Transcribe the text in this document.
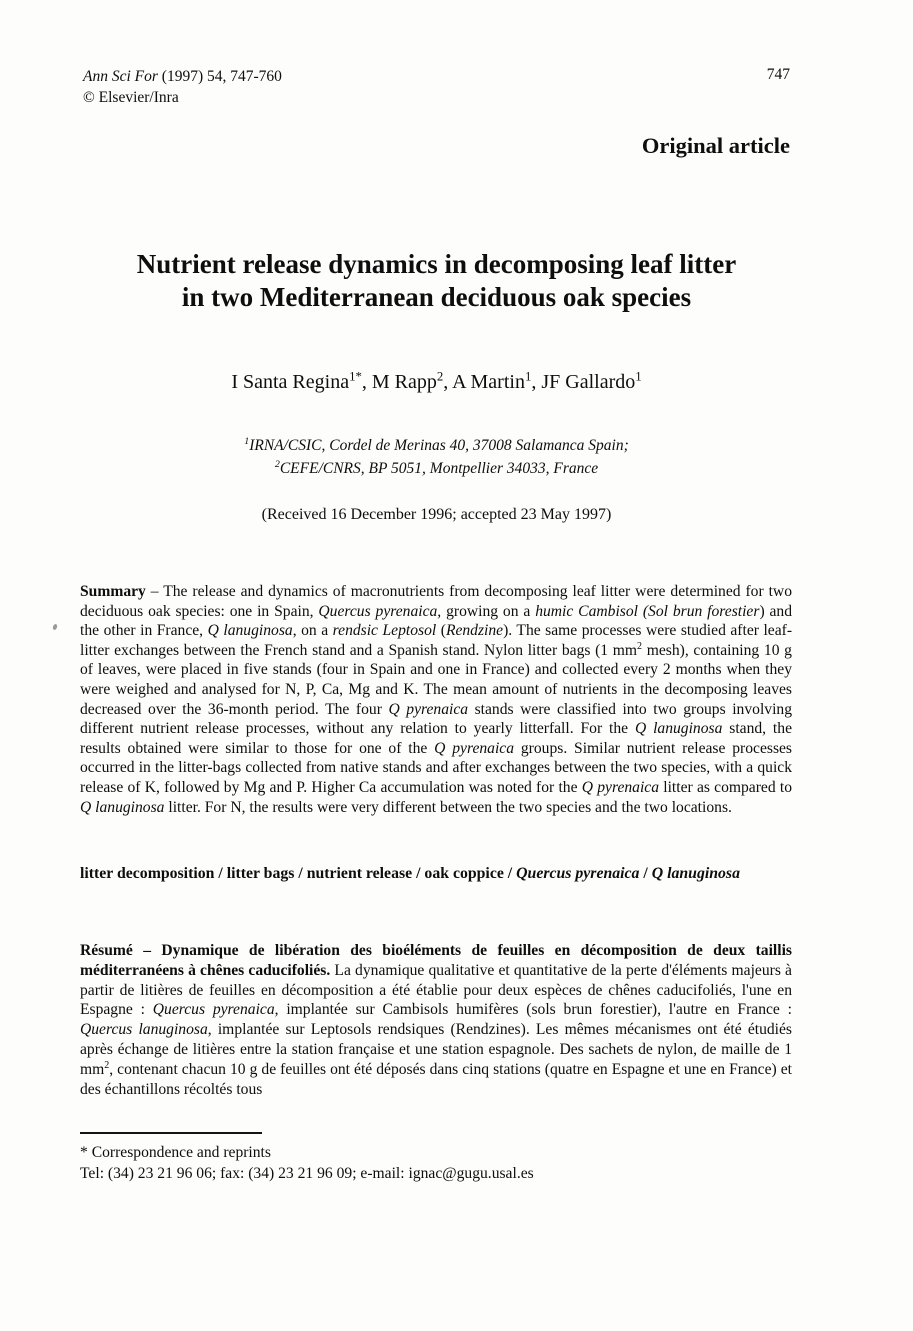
Ann Sci For (1997) 54, 747-760
© Elsevier/Inra
747
Original article
Nutrient release dynamics in decomposing leaf litter
in two Mediterranean deciduous oak species
I Santa Regina$^{1*}$, M Rapp$^2$, A Martin$^1$, JF Gallardo$^1$
$^1$IRNA/CSIC, Cordel de Merinas 40, 37008 Salamanca Spain;
$^2$CEFE/CNRS, BP 5051, Montpellier 34033, France
(Received 16 December 1996; accepted 23 May 1997)
Summary – The release and dynamics of macronutrients from decomposing leaf litter were determined for two deciduous oak species: one in Spain, Quercus pyrenaica, growing on a humic Cambisol (Sol brun forestier) and the other in France, Q lanuginosa, on a rendsic Leptosol (Rendzine). The same processes were studied after leaf-litter exchanges between the French stand and a Spanish stand. Nylon litter bags (1 $mm^2$ mesh), containing 10 g of leaves, were placed in five stands (four in Spain and one in France) and collected every 2 months when they were weighed and analysed for N, P, Ca, Mg and K. The mean amount of nutrients in the decomposing leaves decreased over the 36-month period. The four Q pyrenaica stands were classified into two groups involving different nutrient release processes, without any relation to yearly litterfall. For the Q lanuginosa stand, the results obtained were similar to those for one of the Q pyrenaica groups. Similar nutrient release processes occurred in the litter-bags collected from native stands and after exchanges between the two species, with a quick release of K, followed by Mg and P. Higher Ca accumulation was noted for the Q pyrenaica litter as compared to Q lanuginosa litter. For N, the results were very different between the two species and the two locations.
litter decomposition / litter bags / nutrient release / oak coppice / Quercus pyrenaica / Q lanuginosa
Résumé – Dynamique de libération des bioéléments de feuilles en décomposition de deux taillis méditerranéens à chênes caducifoliés. La dynamique qualitative et quantitative de la perte d'éléments majeurs à partir de litières de feuilles en décomposition a été établie pour deux espèces de chênes caducifoliés, l'une en Espagne : Quercus pyrenaica, implantée sur Cambisols humifères (sols brun forestier), l'autre en France : Quercus lanuginosa, implantée sur Leptosols rendsiques (Rendzines). Les mêmes mécanismes ont été étudiés après échange de litières entre la station française et une station espagnole. Des sachets de nylon, de maille de 1 $mm^2$, contenant chacun 10 g de feuilles ont été déposés dans cinq stations (quatre en Espagne et une en France) et des échantillons récoltés tous
* Correspondence and reprints
Tel: (34) 23 21 96 06; fax: (34) 23 21 96 09; e-mail: ignac@gugu.usal.es
